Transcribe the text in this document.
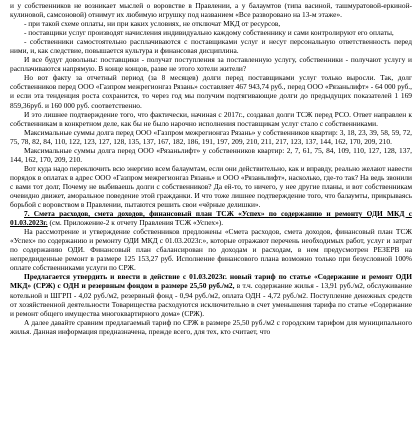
и у собственников не возникает мыслей о воровстве в Правлении, а у балаумтов (типа васиной, ташмуратовой-еркиной-кулиновой, самсоновой) отнимут их любимую игрушку под названием «Все разворовано на 13-м этаже».

- при такой схеме оплаты, ни при каких условиях, не отключат МКД от ресурсов,

- поставщики услуг производят начисления индивидуально каждому собственнику и сами контролируют его оплаты,

- собственники самостоятельно расплачиваются с поставщиками услуг и несут персональную ответственность перед ними, и, как следствие, повышается культура и финансовая дисциплина.

И все будут довольны: поставщики - получат поступления за поставленную услугу, собственники - получают услугу и расплачиваются напрямую. В конце концов, разве не этого хотели жители?

Но вот факту за отчетный период (за 8 месяцев) долги перед поставщиками услуг только выросли. Так, долг собственников перед ООО «Газпром межрегионгаз Рязань» составляет 467 943,74 руб., перед ООО «Рязаньлифт» - 64 000 руб., и если эта тенденция роста сохранится, то через год мы получим подтягивающие долги до предыдущих показателей 1 169 859,36руб. и 160 000 руб. соответственно.

И это лишнее подтверждение того, что фактически, начиная с 2017г., создавал долги ТСЖ перед РСО. Ответ направлен к собственникам в конкретном деле, как бы не было нарочно исполнения поставщикам услуг стало с собственниками.

Максимальные суммы долга перед ООО «Газпром межрегионгаз Рязань» у собственников квартир: 3, 18, 23, 39, 58, 59, 72, 75, 78, 82, 84, 110, 122, 123, 127, 128, 135, 137, 167, 182, 186, 191, 197, 209, 210, 211, 217, 123, 137, 144, 162, 170, 209, 210.

Максимальные суммы долга перед ООО «Рязаньлифт» у собственников квартир: 2, 7, 61, 75, 84, 109, 110, 127, 128, 137, 144, 162, 170, 209, 210.

Вот куда надо переключить всю энергию всем балаумтам, если они действительно, как и вправду, реально желают навести порядок в оплатах в адрес ООО «Газпром межрегионгаз Рязань» и ООО «Рязаньлифт», насколько, где-то так? На ведь звонили с вами тот долг, Почему не выбиваешь долги с собственников? Да ей-то, то ничего, у нее другие планы, и вот собственникам очевидно движет, аморальное поведение этой гражданки. И что тоже лишнее подтверждение того, что балаумты, прикрываясь борьбой с воровством в Правлении, пытаются решить свои «чёрные делишки».

7. Смета расходов, смета доходов, финансовый план ТСЖ «Успех» по содержанию и ремонту ОДИ МКД с 01.03.2023г. (см. Приложение-2 к отчету Правления ТСЖ «Успех»).

На рассмотрение и утверждение собственников предложены «Смета расходов, смета доходов, финансовый план ТСЖ «Успех» по содержанию и ремонту ОДИ МКД с 01.03.2023г.», которые отражают перечень необходимых работ, услуг и затрат по содержанию ОДИ. Финансовый план сбалансирован по доходам и расходам, в нем предусмотрен РЕЗЕРВ на непредвиденные ремонт в размере 125 153,27 руб. Исполнение финансового плана возможно только при безусловной 100% оплате собственниками услуги по СРЖ.

Предлагается утвердить и ввести в действие с 01.03.2023г. новый тариф по статье «Содержание и ремонт ОДИ МКД» (СРЖ) с ОДН и резервным фондом в размере 25,50 руб./м2, в т.ч. содержание жилья - 13,91 руб./м2, обслуживание котельной и ШГРП - 4,02 руб./м2, резервный фонд - 0,94 руб./м2, оплата ОДН - 4,72 руб./м2. Поступление денежных средств от хозяйственной деятельности Товарищества расходуются исключительно в счет уменьшения тарифа по статье «Содержание и ремонт общего имущества многоквартирного дома» (СРЖ).

А далее давайте сравним предлагаемый тариф по СРЖ в размере 25,50 руб./м2 с городским тарифом для муниципального жилья. Данная информация предназначена, прежде всего, для тех, кто считает, что
